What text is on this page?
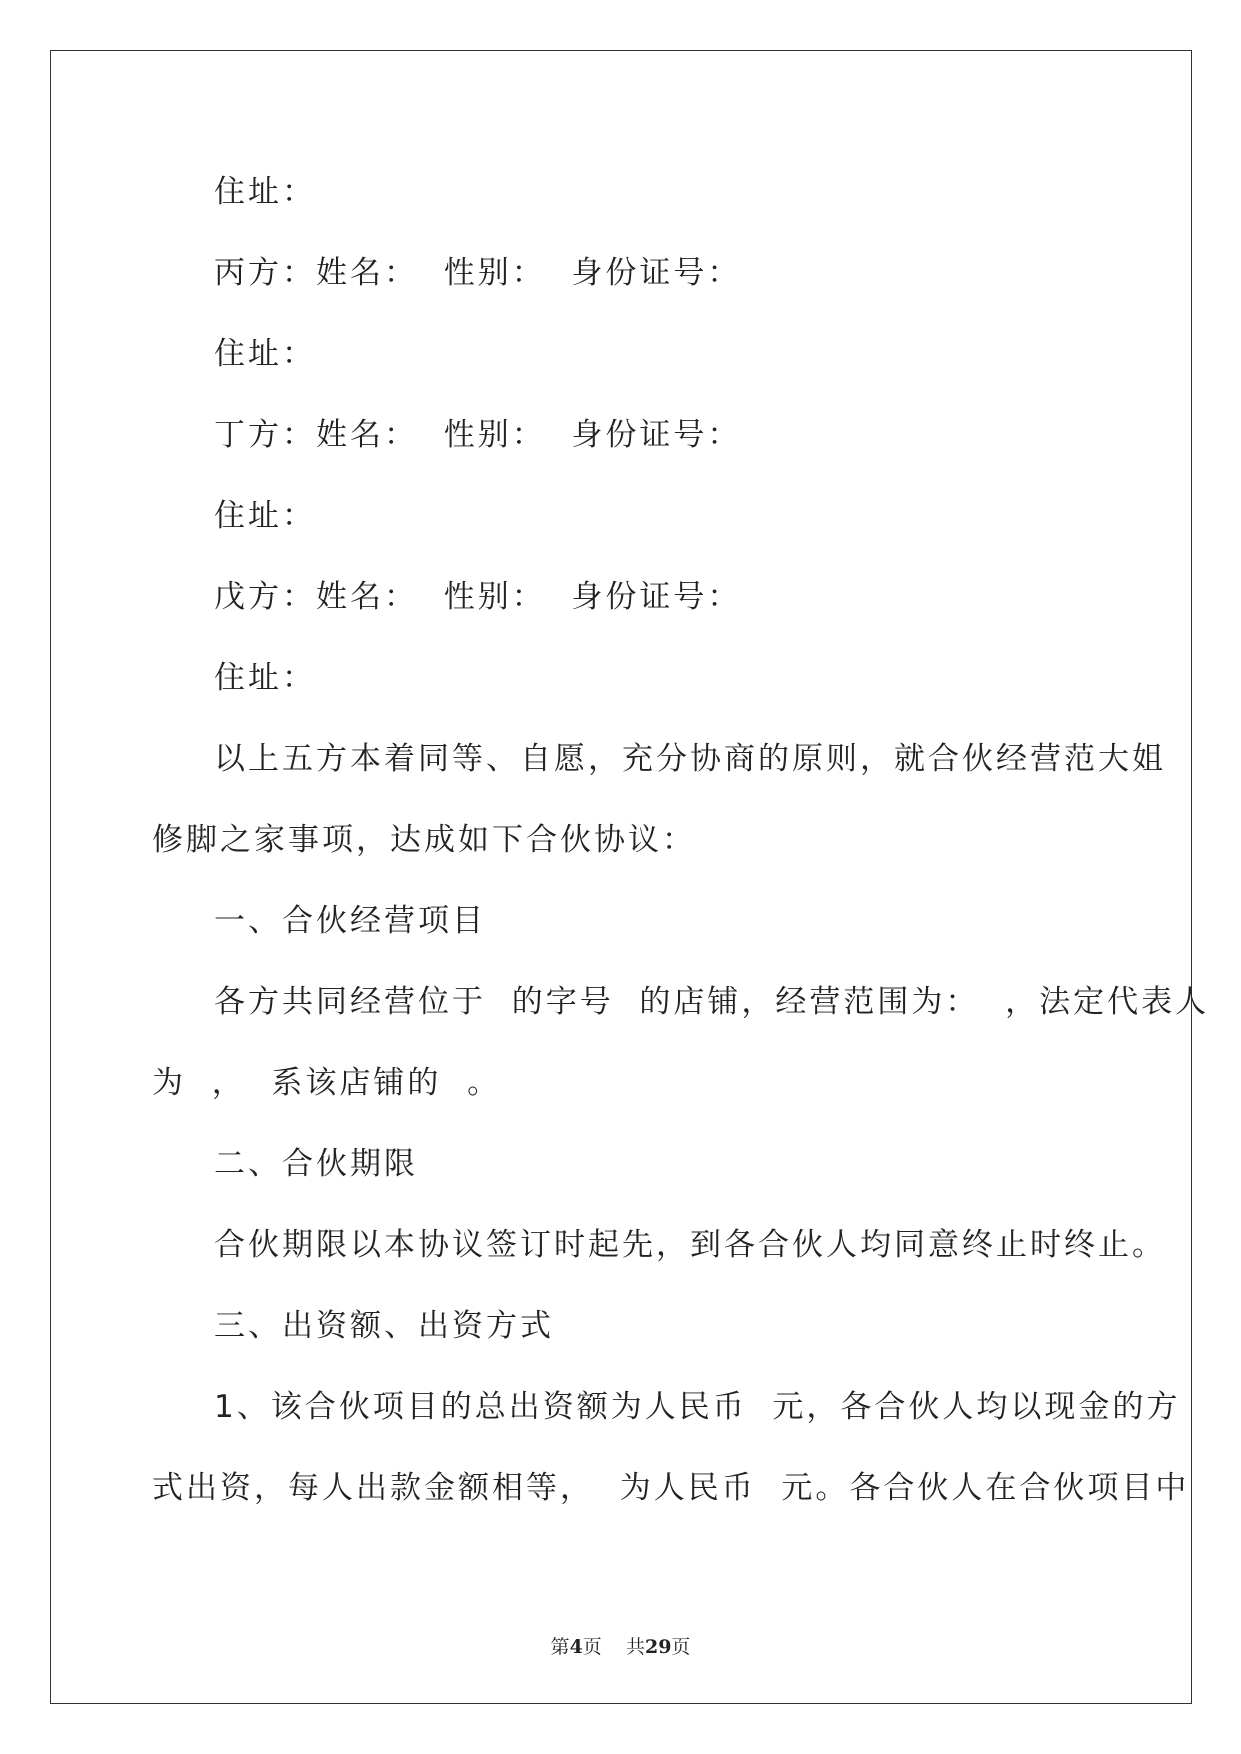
住址：
丙方：姓名：  性别：  身份证号：
住址：
丁方：姓名：  性别：  身份证号：
住址：
戊方：姓名：  性别：  身份证号：
住址：
以上五方本着同等、自愿，充分协商的原则，就合伙经营范大姐
修脚之家事项，达成如下合伙协议：
一、合伙经营项目
各方共同经营位于  的字号  的店铺，经营范围为：  ，法定代表人
为  ，  系该店铺的  。
二、合伙期限
合伙期限以本协议签订时起先，到各合伙人均同意终止时终止。
三、出资额、出资方式
1、该合伙项目的总出资额为人民币  元，各合伙人均以现金的方
式出资，每人出款金额相等，  为人民币  元。各合伙人在合伙项目中
第4页    共29页
